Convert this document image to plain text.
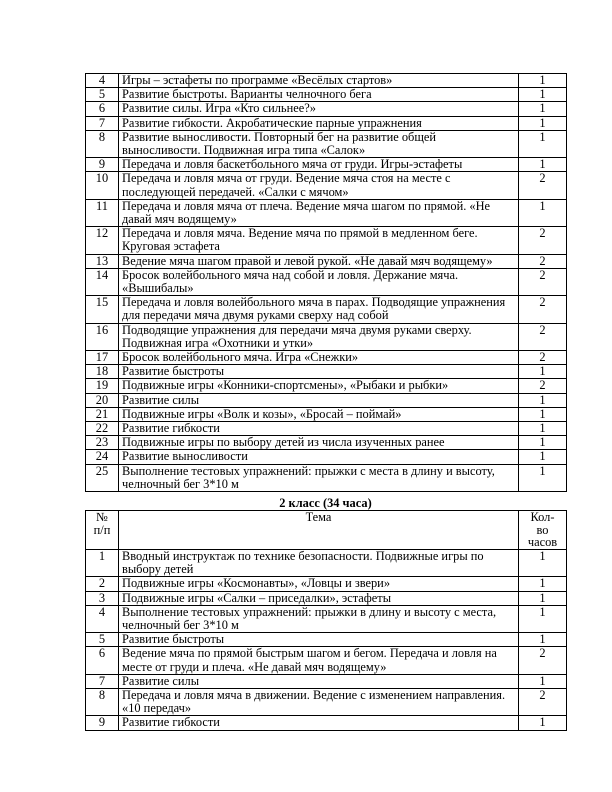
4	Игры – эстафеты по программе «Весёлых стартов»	1
5	Развитие быстроты. Варианты челночного бега	1
6	Развитие силы. Игра «Кто сильнее?»	1
7	Развитие гибкости. Акробатические парные упражнения	1
8	Развитие выносливости. Повторный бег на развитие общей выносливости. Подвижная игра типа «Салок»	1
9	Передача и ловля баскетбольного мяча от груди. Игры-эстафеты	1
10	Передача и ловля мяча от груди. Ведение мяча стоя на месте с последующей передачей. «Салки с мячом»	2
11	Передача и ловля мяча от плеча. Ведение мяча шагом по прямой. «Не давай мяч водящему»	1
12	Передача и ловля мяча. Ведение мяча по прямой в медленном беге. Круговая эстафета	2
13	Ведение мяча шагом правой и левой рукой. «Не давай мяч водящему»	2
14	Бросок волейбольного мяча над собой и ловля. Держание мяча. «Вышибалы»	2
15	Передача и ловля волейбольного мяча в парах. Подводящие упражнения для передачи мяча двумя руками сверху над собой	2
16	Подводящие упражнения для передачи мяча двумя руками сверху. Подвижная игра «Охотники и утки»	2
17	Бросок волейбольного мяча. Игра «Снежки»	2
18	Развитие быстроты	1
19	Подвижные игры «Конники-спортсмены», «Рыбаки и рыбки»	2
20	Развитие силы	1
21	Подвижные игры «Волк и козы», «Бросай – поймай»	1
22	Развитие гибкости	1
23	Подвижные игры по выбору детей из числа изученных ранее	1
24	Развитие выносливости	1
25	Выполнение тестовых упражнений: прыжки с места в длину и высоту, челночный бег 3*10 м	1
2 класс (34 часа)
№ п/п	Тема	Кол-во часов
1	Вводный инструктаж по технике безопасности. Подвижные игры по выбору детей	1
2	Подвижные игры «Космонавты», «Ловцы и звери»	1
3	Подвижные игры «Салки – приседалки», эстафеты	1
4	Выполнение тестовых упражнений: прыжки в длину и высоту с места, челночный бег 3*10 м	1
5	Развитие быстроты	1
6	Ведение мяча по прямой быстрым шагом и бегом. Передача и ловля на месте от груди и плеча. «Не давай мяч водящему»	2
7	Развитие силы	1
8	Передача и ловля мяча в движении. Ведение с изменением направления. «10 передач»	2
9	Развитие гибкости	1
